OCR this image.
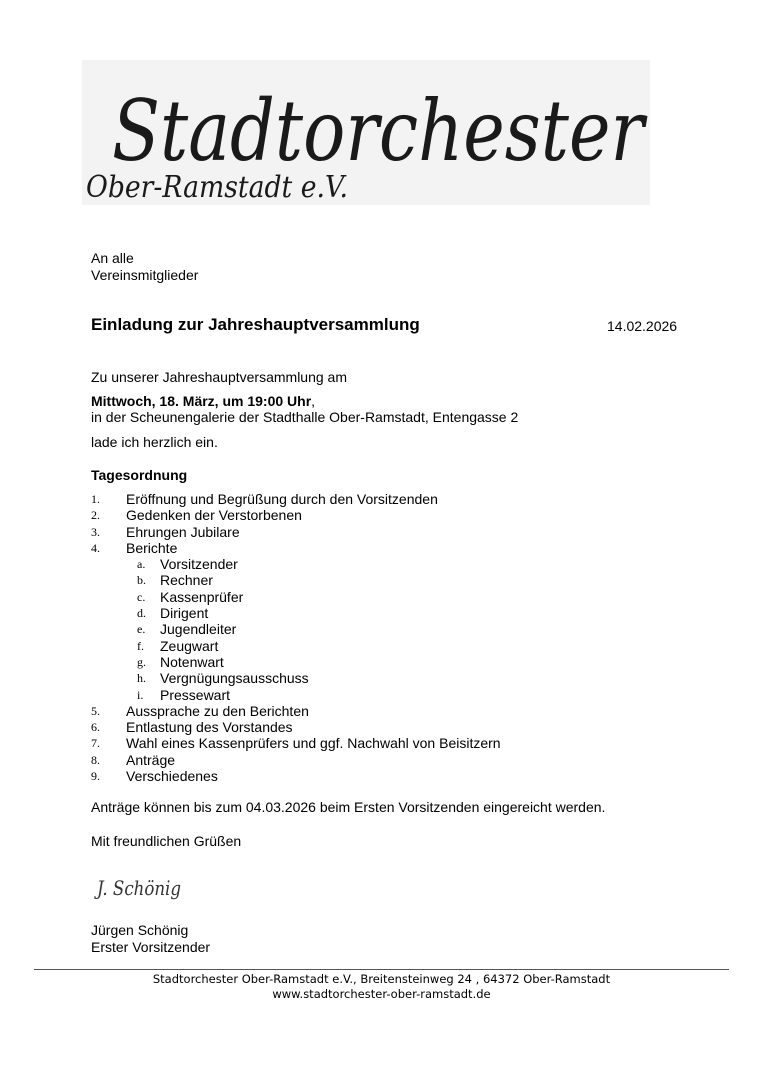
Stadtorchester
Ober-Ramstadt e.V.
An alle
Vereinsmitglieder
Einladung zur Jahreshauptversammlung	14.02.2026
Zu unserer Jahreshauptversammlung am
Mittwoch, 18. März, um 19:00 Uhr,
in der Scheunengalerie der Stadthalle Ober-Ramstadt, Entengasse 2
lade ich herzlich ein.
Tagesordnung
1. Eröffnung und Begrüßung durch den Vorsitzenden
2. Gedenken der Verstorbenen
3. Ehrungen Jubilare
4. Berichte
a. Vorsitzender
b. Rechner
c. Kassenprüfer
d. Dirigent
e. Jugendleiter
f. Zeugwart
g. Notenwart
h. Vergnügungsausschuss
i. Pressewart
5. Aussprache zu den Berichten
6. Entlastung des Vorstandes
7. Wahl eines Kassenprüfers und ggf. Nachwahl von Beisitzern
8. Anträge
9. Verschiedenes
Anträge können bis zum 04.03.2026 beim Ersten Vorsitzenden eingereicht werden.
Mit freundlichen Grüßen
J. Schönig
Jürgen Schönig
Erster Vorsitzender
Stadtorchester Ober-Ramstadt e.V., Breitensteinweg 24 , 64372 Ober-Ramstadt
www.stadtorchester-ober-ramstadt.de
